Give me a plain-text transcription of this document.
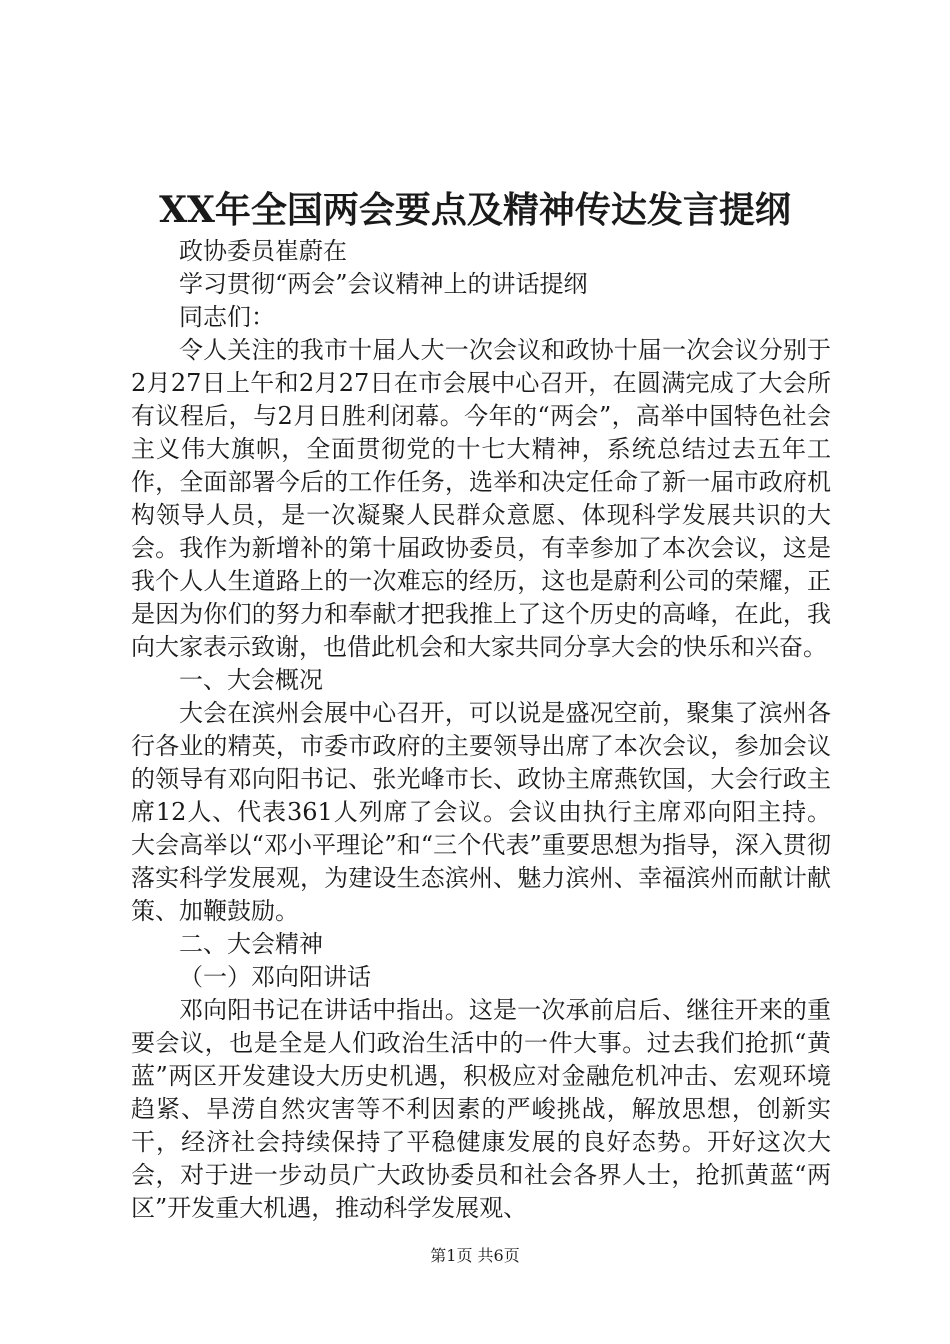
XX年全国两会要点及精神传达发言提纲

政协委员崔蔚在

学习贯彻“两会”会议精神上的讲话提纲

同志们：

令人关注的我市十届人大一次会议和政协十届一次会议分别于2月27日上午和2月27日在市会展中心召开，在圆满完成了大会所有议程后，与2月日胜利闭幕。今年的“两会”，高举中国特色社会主义伟大旗帜，全面贯彻党的十七大精神，系统总结过去五年工作，全面部署今后的工作任务，选举和决定任命了新一届市政府机构领导人员，是一次凝聚人民群众意愿、体现科学发展共识的大会。我作为新增补的第十届政协委员，有幸参加了本次会议，这是我个人人生道路上的一次难忘的经历，这也是蔚利公司的荣耀，正是因为你们的努力和奉献才把我推上了这个历史的高峰，在此，我向大家表示致谢，也借此机会和大家共同分享大会的快乐和兴奋。

一、大会概况

大会在滨州会展中心召开，可以说是盛况空前，聚集了滨州各行各业的精英，市委市政府的主要领导出席了本次会议，参加会议的领导有邓向阳书记、张光峰市长、政协主席燕钦国，大会行政主席12人、代表361人列席了会议。会议由执行主席邓向阳主持。大会高举以“邓小平理论”和“三个代表”重要思想为指导，深入贯彻落实科学发展观，为建设生态滨州、魅力滨州、幸福滨州而献计献策、加鞭鼓励。

二、大会精神

（一）邓向阳讲话

邓向阳书记在讲话中指出。这是一次承前启后、继往开来的重要会议，也是全是人们政治生活中的一件大事。过去我们抢抓“黄蓝”两区开发建设大历史机遇，积极应对金融危机冲击、宏观环境趋紧、旱涝自然灾害等不利因素的严峻挑战，解放思想，创新实干，经济社会持续保持了平稳健康发展的良好态势。开好这次大会，对于进一步动员广大政协委员和社会各界人士，抢抓黄蓝“两区”开发重大机遇，推动科学发展观、

第1页 共6页
